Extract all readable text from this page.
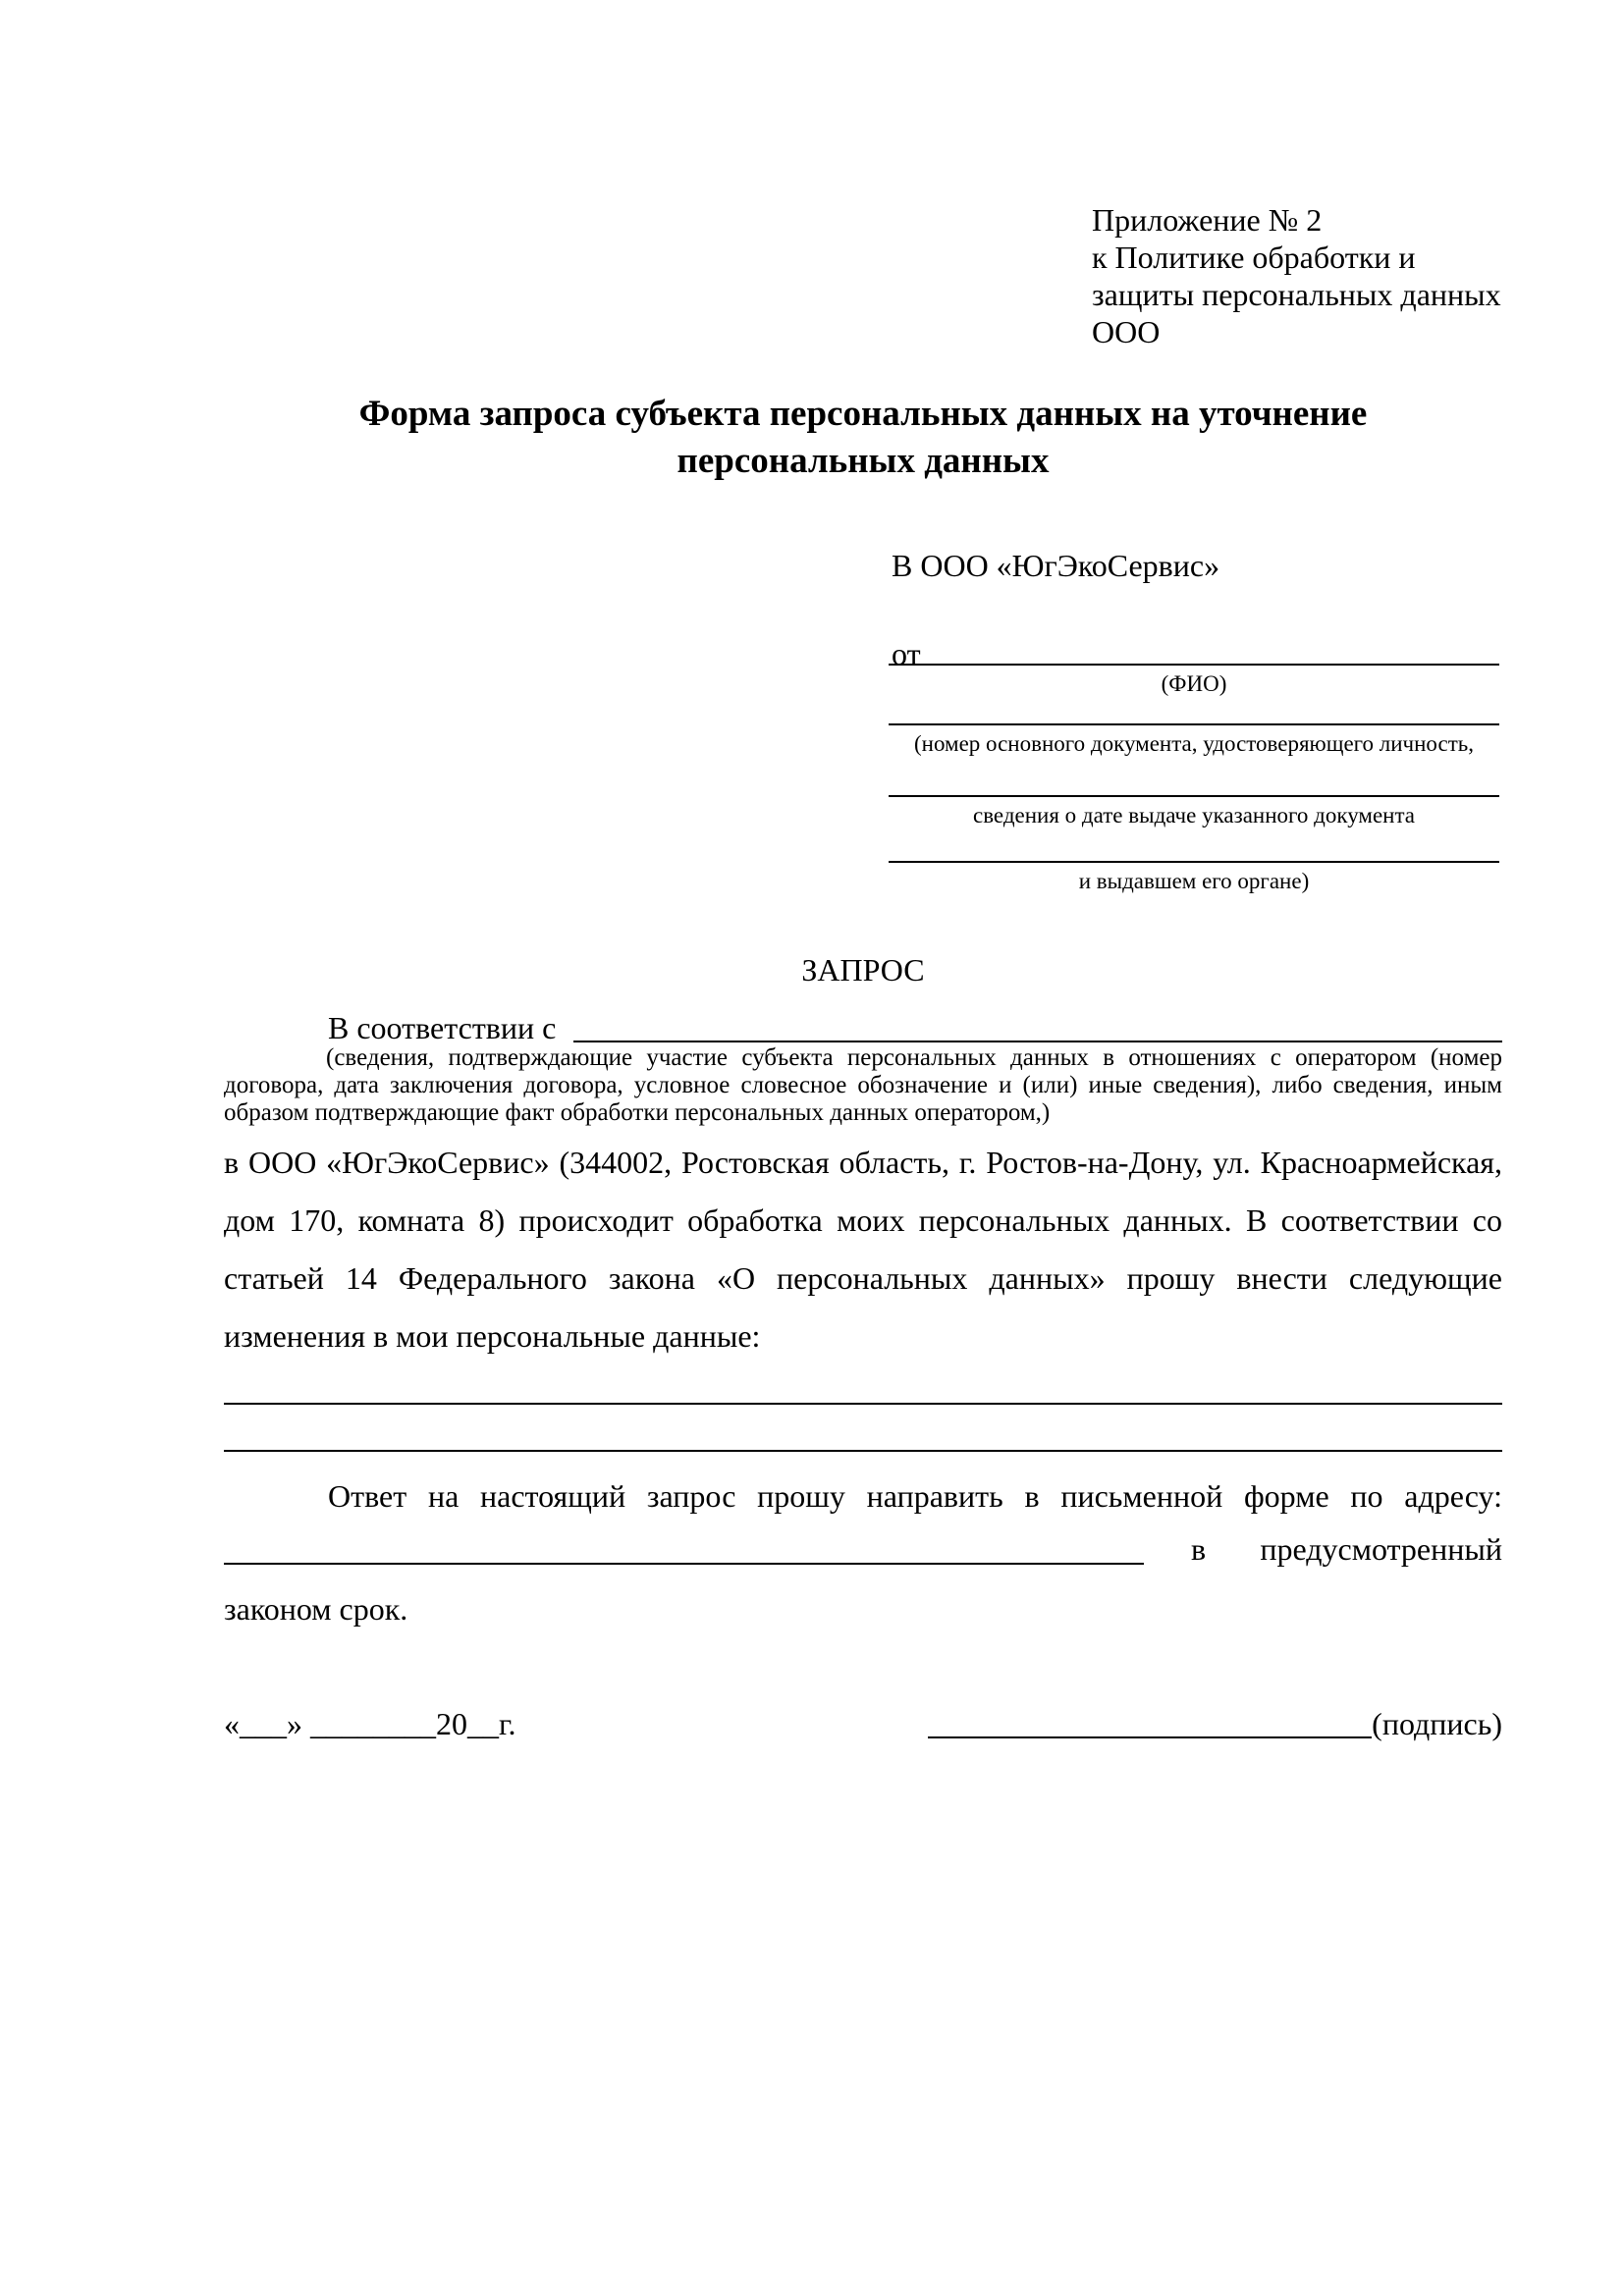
Приложение № 2
к Политике обработки и
защиты персональных данных
ООО
Форма запроса субъекта персональных данных на уточнение
персональных данных
В ООО «ЮгЭкоСервис»
от
(ФИО)
(номер основного документа, удостоверяющего личность,
сведения о дате выдаче указанного документа
и выдавшем его органе)
ЗАПРОС
В соответствии с
(сведения, подтверждающие участие субъекта персональных данных в отношениях с оператором (номер договора, дата заключения договора, условное словесное обозначение и (или) иные сведения), либо сведения, иным образом подтверждающие факт обработки персональных данных оператором,)
в ООО «ЮгЭкоСервис» (344002, Ростовская область, г. Ростов-на-Дону, ул. Красноармейская, дом 170, комната 8) происходит обработка моих персональных данных. В соответствии со статьей 14 Федерального закона «О персональных данных» прошу внести следующие изменения в мои персональные данные:
Ответ на настоящий запрос прошу направить в письменной форме по адресу:
в предусмотренный
законом срок.
«___» ________20__г.	(подпись)
